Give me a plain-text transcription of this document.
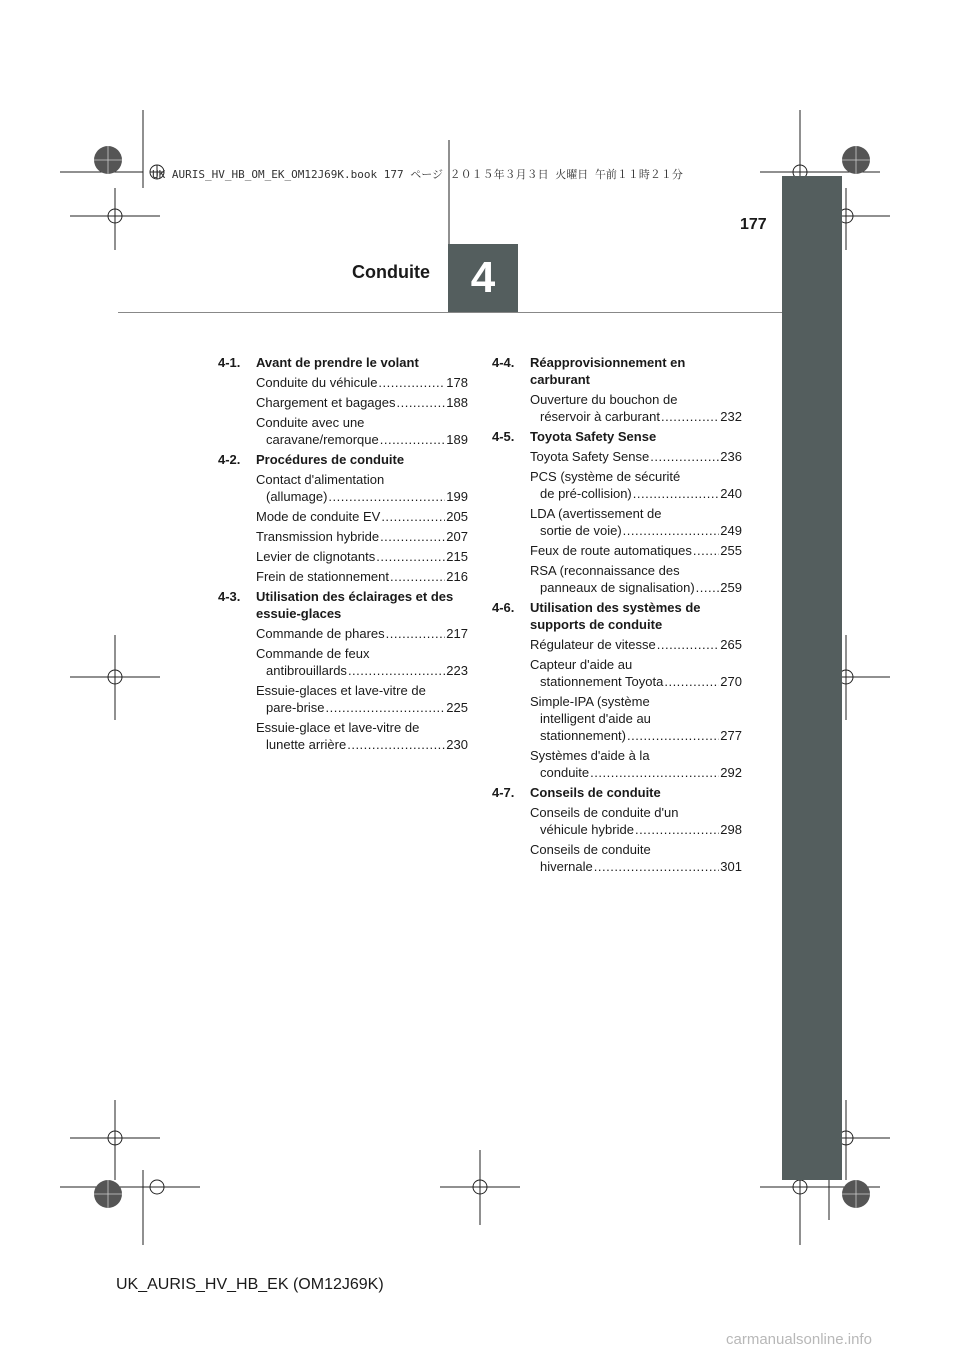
UK AURIS_HV_HB_OM_EK_OM12J69K.book 177 ページ ２０１５年３月３日 火曜日 午前１１時２１分
4
Conduite
177
4-1.	Avant de prendre le volant
Conduite du véhicule .....	178
Chargement et bagages .....	188
Conduite avec une
caravane/remorque .....	189
4-2.	Procédures de conduite
Contact d'alimentation
(allumage) .....	199
Mode de conduite EV .....	205
Transmission hybride .....	207
Levier de clignotants .....	215
Frein de stationnement .....	216
4-3.	Utilisation des éclairages et des essuie-glaces
Commande de phares .....	217
Commande de feux
antibrouillards .....	223
Essuie-glaces et lave-vitre de
pare-brise .....	225
Essuie-glace et lave-vitre de
lunette arrière .....	230
4-4.	Réapprovisionnement en carburant
Ouverture du bouchon de
réservoir à carburant .....	232
4-5.	Toyota Safety Sense
Toyota Safety Sense .....	236
PCS (système de sécurité
de pré-collision) .....	240
LDA (avertissement de
sortie de voie) .....	249
Feux de route automatiques ..... 255
RSA (reconnaissance des
panneaux de signalisation) ..... 259
4-6.	Utilisation des systèmes de supports de conduite
Régulateur de vitesse .....	265
Capteur d'aide au
stationnement Toyota .....	270
Simple-IPA (système
intelligent d'aide au
stationnement) .....	277
Systèmes d'aide à la
conduite .....	292
4-7.	Conseils de conduite
Conseils de conduite d'un
véhicule hybride .....	298
Conseils de conduite
hivernale .....	301
UK_AURIS_HV_HB_EK (OM12J69K)
carmanualsonline.info
